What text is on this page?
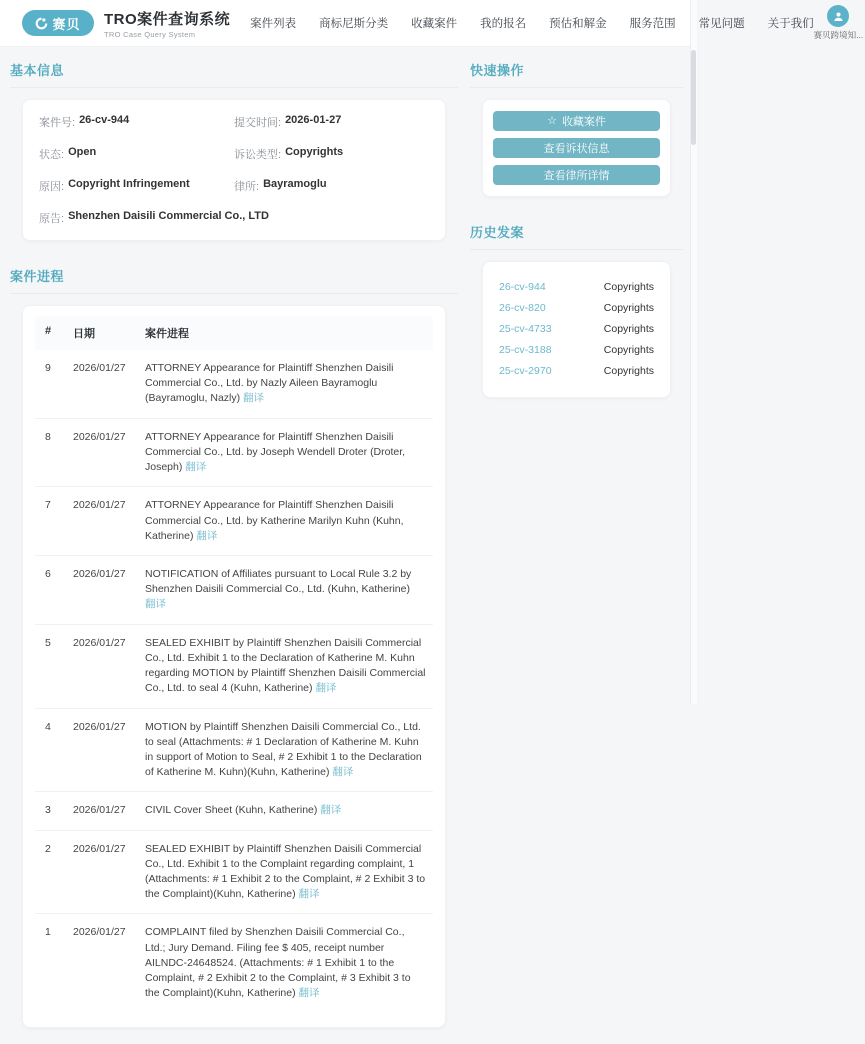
赛贝 TRO案件查询系统
TRO Case Query System
案件列表 商标尼斯分类 收藏案件 我的报名 预估和解金 服务范围 常见问题 关于我们
赛贝跨境知...
基本信息
案件号: 26-cv-944	提交时间: 2026-01-27
状态: Open	诉讼类型: Copyrights
原因: Copyright Infringement	律所: Bayramoglu
原告: Shenzhen Daisili Commercial Co., LTD
案件进程
#	日期	案件进程
9	2026/01/27	ATTORNEY Appearance for Plaintiff Shenzhen Daisili Commercial Co., Ltd. by Nazly Aileen Bayramoglu (Bayramoglu, Nazly) 翻译
8	2026/01/27	ATTORNEY Appearance for Plaintiff Shenzhen Daisili Commercial Co., Ltd. by Joseph Wendell Droter (Droter, Joseph) 翻译
7	2026/01/27	ATTORNEY Appearance for Plaintiff Shenzhen Daisili Commercial Co., Ltd. by Katherine Marilyn Kuhn (Kuhn, Katherine) 翻译
6	2026/01/27	NOTIFICATION of Affiliates pursuant to Local Rule 3.2 by Shenzhen Daisili Commercial Co., Ltd. (Kuhn, Katherine) 翻译
5	2026/01/27	SEALED EXHIBIT by Plaintiff Shenzhen Daisili Commercial Co., Ltd. Exhibit 1 to the Declaration of Katherine M. Kuhn regarding MOTION by Plaintiff Shenzhen Daisili Commercial Co., Ltd. to seal 4 (Kuhn, Katherine) 翻译
4	2026/01/27	MOTION by Plaintiff Shenzhen Daisili Commercial Co., Ltd. to seal (Attachments: # 1 Declaration of Katherine M. Kuhn in support of Motion to Seal, # 2 Exhibit 1 to the Declaration of Katherine M. Kuhn)(Kuhn, Katherine) 翻译
3	2026/01/27	CIVIL Cover Sheet (Kuhn, Katherine) 翻译
2	2026/01/27	SEALED EXHIBIT by Plaintiff Shenzhen Daisili Commercial Co., Ltd. Exhibit 1 to the Complaint regarding complaint, 1 (Attachments: # 1 Exhibit 2 to the Complaint, # 2 Exhibit 3 to the Complaint)(Kuhn, Katherine) 翻译
1	2026/01/27	COMPLAINT filed by Shenzhen Daisili Commercial Co., Ltd.; Jury Demand. Filing fee $ 405, receipt number AILNDC-24648524. (Attachments: # 1 Exhibit 1 to the Complaint, # 2 Exhibit 2 to the Complaint, # 3 Exhibit 3 to the Complaint)(Kuhn, Katherine) 翻译
快速操作
☆ 收藏案件
查看诉状信息
查看律所详情
历史发案
26-cv-944	Copyrights
26-cv-820	Copyrights
25-cv-4733	Copyrights
25-cv-3188	Copyrights
25-cv-2970	Copyrights
